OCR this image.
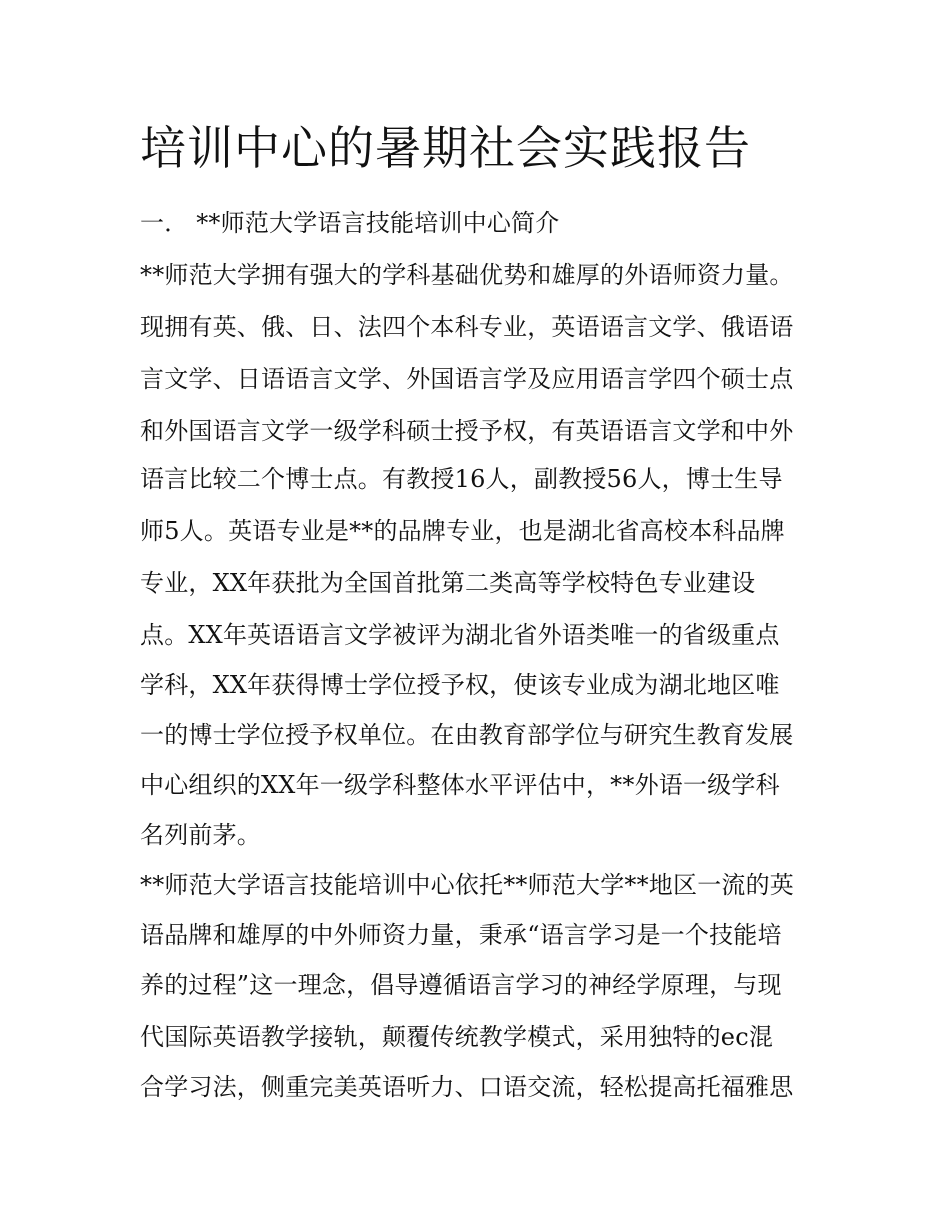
培训中心的暑期社会实践报告
一． **师范大学语言技能培训中心简介
**师范大学拥有强大的学科基础优势和雄厚的外语师资力量。
现拥有英、俄、日、法四个本科专业，英语语言文学、俄语语
言文学、日语语言文学、外国语言学及应用语言学四个硕士点
和外国语言文学一级学科硕士授予权，有英语语言文学和中外
语言比较二个博士点。有教授16人，副教授56人，博士生导
师5人。英语专业是**的品牌专业，也是湖北省高校本科品牌
专业，XX年获批为全国首批第二类高等学校特色专业建设
点。XX年英语语言文学被评为湖北省外语类唯一的省级重点
学科，XX年获得博士学位授予权，使该专业成为湖北地区唯
一的博士学位授予权单位。在由教育部学位与研究生教育发展
中心组织的XX年一级学科整体水平评估中，**外语一级学科
名列前茅。
**师范大学语言技能培训中心依托**师范大学**地区一流的英
语品牌和雄厚的中外师资力量，秉承“语言学习是一个技能培
养的过程”这一理念，倡导遵循语言学习的神经学原理，与现
代国际英语教学接轨，颠覆传统教学模式，采用独特的ec混
合学习法，侧重完美英语听力、口语交流，轻松提高托福雅思
